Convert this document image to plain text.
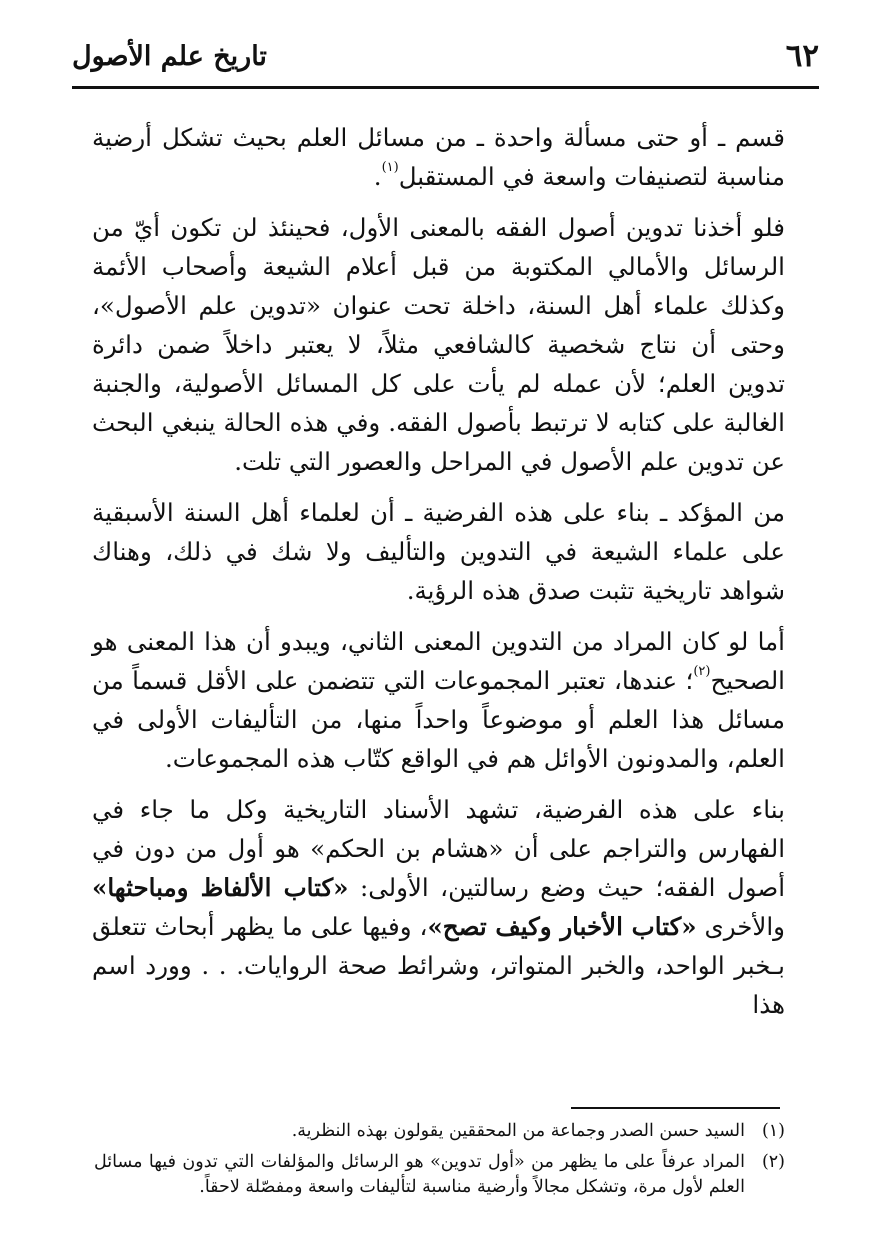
٦٢
تاريخ علم الأصول

قسم ـ أو حتى مسألة واحدة ـ من مسائل العلم بحيث تشكل أرضية مناسبة لتصنيفات واسعة في المستقبل$^{(١)}$.

فلو أخذنا تدوين أصول الفقه بالمعنى الأول، فحينئذ لن تكون أيّ من الرسائل والأمالي المكتوبة من قبل أعلام الشيعة وأصحاب الأئمة وكذلك علماء أهل السنة، داخلة تحت عنوان «تدوين علم الأصول»، وحتى أن نتاج شخصية كالشافعي مثلاً، لا يعتبر داخلاً ضمن دائرة تدوين العلم؛ لأن عمله لم يأت على كل المسائل الأصولية، والجنبة الغالبة على كتابه لا ترتبط بأصول الفقه. وفي هذه الحالة ينبغي البحث عن تدوين علم الأصول في المراحل والعصور التي تلت.

من المؤكد ـ بناء على هذه الفرضية ـ أن لعلماء أهل السنة الأسبقية على علماء الشيعة في التدوين والتأليف ولا شك في ذلك، وهناك شواهد تاريخية تثبت صدق هذه الرؤية.

أما لو كان المراد من التدوين المعنى الثاني، ويبدو أن هذا المعنى هو الصحيح$^{(٢)}$؛ عندها، تعتبر المجموعات التي تتضمن على الأقل قسماً من مسائل هذا العلم أو موضوعاً واحداً منها، من التأليفات الأولى في العلم، والمدونون الأوائل هم في الواقع كتّاب هذه المجموعات.

بناء على هذه الفرضية، تشهد الأسناد التاريخية وكل ما جاء في الفهارس والتراجم على أن «هشام بن الحكم» هو أول من دون في أصول الفقه؛ حيث وضع رسالتين، الأولى: «كتاب الألفاظ ومباحثها» والأخرى «كتاب الأخبار وكيف تصح»، وفيها على ما يظهر أبحاث تتعلق بـخبر الواحد، والخبر المتواتر، وشرائط صحة الروايات. . . وورد اسم هذا

(١)
السيد حسن الصدر وجماعة من المحققين يقولون بهذه النظرية.
(٢)
المراد عرفاً على ما يظهر من «أول تدوين» هو الرسائل والمؤلفات التي تدون فيها مسائل العلم لأول مرة، وتشكل مجالاً وأرضية مناسبة لتأليفات واسعة ومفصّلة لاحقاً.
